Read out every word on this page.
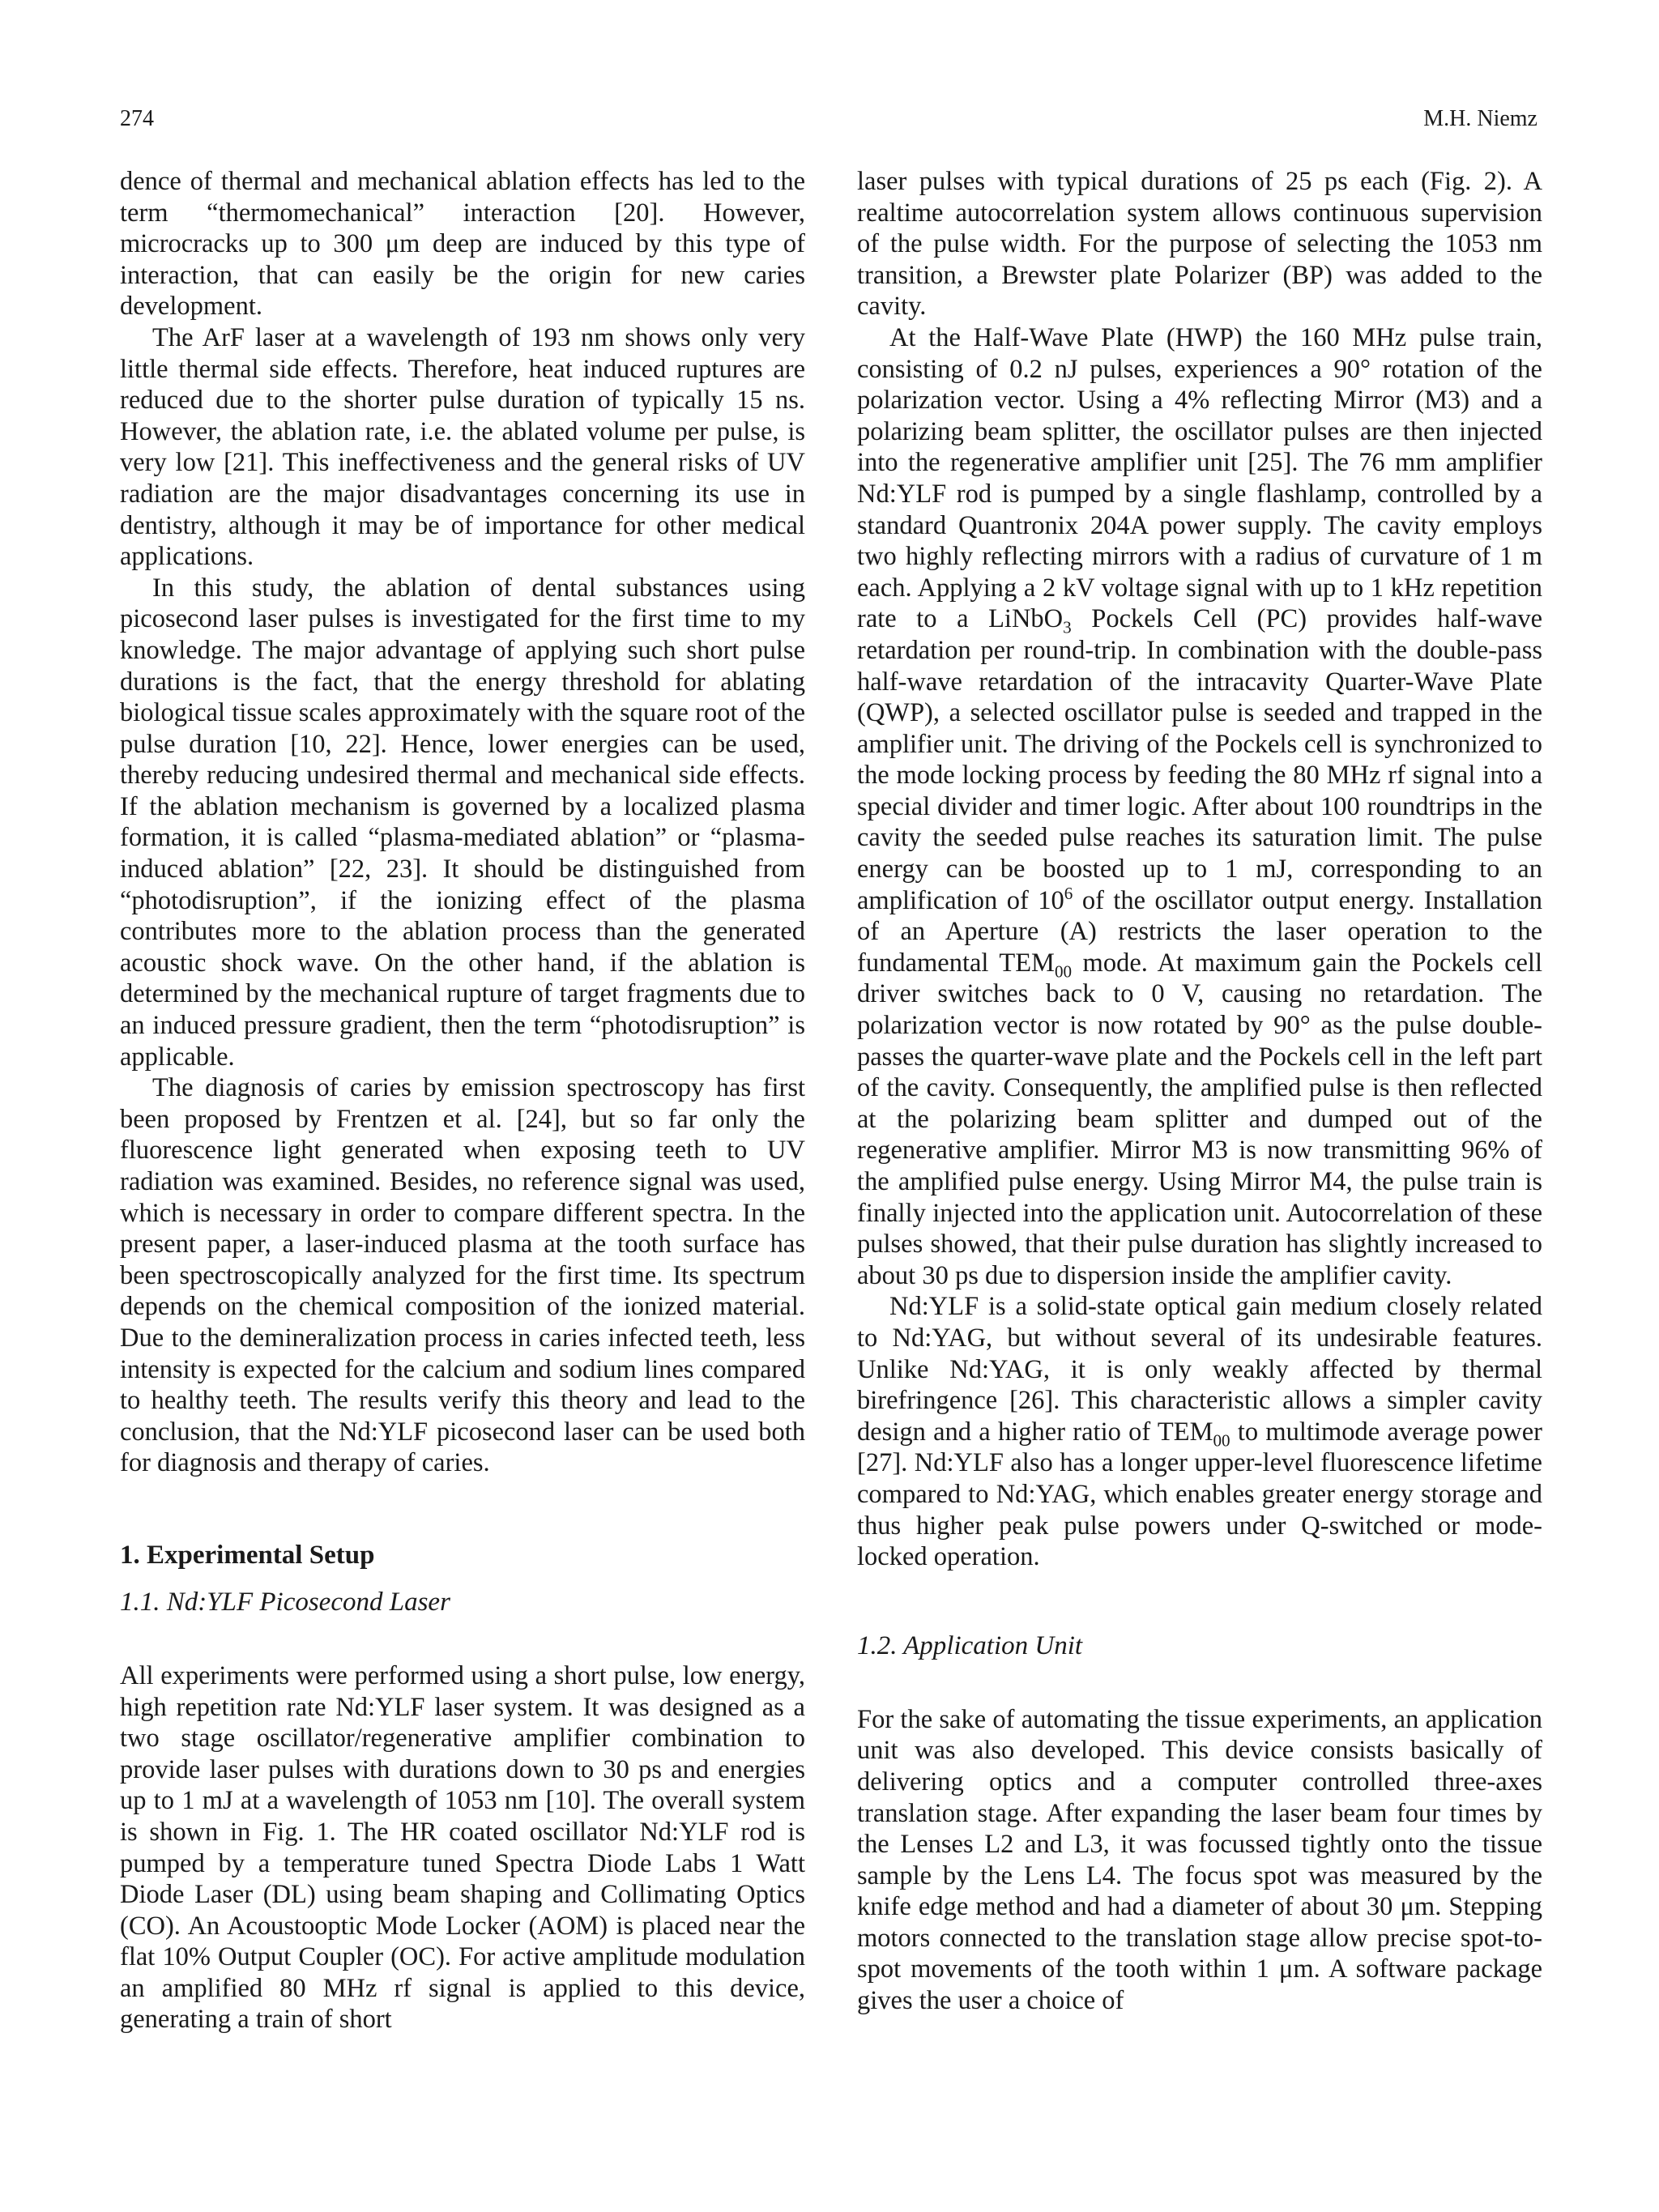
274	M.H. Niemz

dence of thermal and mechanical ablation effects has led to the term “thermomechanical” interaction [20]. However, microcracks up to 300 μm deep are induced by this type of interaction, that can easily be the origin for new caries development.

The ArF laser at a wavelength of 193 nm shows only very little thermal side effects. Therefore, heat induced ruptures are reduced due to the shorter pulse duration of typically 15 ns. However, the ablation rate, i.e. the ablated volume per pulse, is very low [21]. This ineffectiveness and the general risks of UV radiation are the major disadvantages concerning its use in dentistry, although it may be of importance for other medical applications.

In this study, the ablation of dental substances using picosecond laser pulses is investigated for the first time to my knowledge. The major advantage of applying such short pulse durations is the fact, that the energy threshold for ablating biological tissue scales approximately with the square root of the pulse duration [10, 22]. Hence, lower energies can be used, thereby reducing undesired thermal and mechanical side effects. If the ablation mechanism is governed by a localized plasma formation, it is called “plasma-mediated ablation” or “plasma-induced ablation” [22, 23]. It should be distinguished from “photodisruption”, if the ionizing effect of the plasma contributes more to the ablation process than the generated acoustic shock wave. On the other hand, if the ablation is determined by the mechanical rupture of target fragments due to an induced pressure gradient, then the term “photodisruption” is applicable.

The diagnosis of caries by emission spectroscopy has first been proposed by Frentzen et al. [24], but so far only the fluorescence light generated when exposing teeth to UV radiation was examined. Besides, no reference signal was used, which is necessary in order to compare different spectra. In the present paper, a laser-induced plasma at the tooth surface has been spectroscopically analyzed for the first time. Its spectrum depends on the chemical composition of the ionized material. Due to the demineralization process in caries infected teeth, less intensity is expected for the calcium and sodium lines compared to healthy teeth. The results verify this theory and lead to the conclusion, that the Nd:YLF picosecond laser can be used both for diagnosis and therapy of caries.

1. Experimental Setup
1.1. Nd:YLF Picosecond Laser

All experiments were performed using a short pulse, low energy, high repetition rate Nd:YLF laser system. It was designed as a two stage oscillator/regenerative amplifier combination to provide laser pulses with durations down to 30 ps and energies up to 1 mJ at a wavelength of 1053 nm [10]. The overall system is shown in Fig. 1. The HR coated oscillator Nd:YLF rod is pumped by a temperature tuned Spectra Diode Labs 1 Watt Diode Laser (DL) using beam shaping and Collimating Optics (CO). An Acoustooptic Mode Locker (AOM) is placed near the flat 10% Output Coupler (OC). For active amplitude modulation an amplified 80 MHz rf signal is applied to this device, generating a train of short

laser pulses with typical durations of 25 ps each (Fig. 2). A realtime autocorrelation system allows continuous supervision of the pulse width. For the purpose of selecting the 1053 nm transition, a Brewster plate Polarizer (BP) was added to the cavity.

At the Half-Wave Plate (HWP) the 160 MHz pulse train, consisting of 0.2 nJ pulses, experiences a 90° rotation of the polarization vector. Using a 4% reflecting Mirror (M3) and a polarizing beam splitter, the oscillator pulses are then injected into the regenerative amplifier unit [25]. The 76 mm amplifier Nd:YLF rod is pumped by a single flashlamp, controlled by a standard Quantronix 204A power supply. The cavity employs two highly reflecting mirrors with a radius of curvature of 1 m each. Applying a 2 kV voltage signal with up to 1 kHz repetition rate to a LiNbO$_3$ Pockels Cell (PC) provides half-wave retardation per round-trip. In combination with the double-pass half-wave retardation of the intracavity Quarter-Wave Plate (QWP), a selected oscillator pulse is seeded and trapped in the amplifier unit. The driving of the Pockels cell is synchronized to the mode locking process by feeding the 80 MHz rf signal into a special divider and timer logic. After about 100 roundtrips in the cavity the seeded pulse reaches its saturation limit. The pulse energy can be boosted up to 1 mJ, corresponding to an amplification of $10^6$ of the oscillator output energy. Installation of an Aperture (A) restricts the laser operation to the fundamental $TEM_{00}$ mode. At maximum gain the Pockels cell driver switches back to 0 V, causing no retardation. The polarization vector is now rotated by 90° as the pulse double-passes the quarter-wave plate and the Pockels cell in the left part of the cavity. Consequently, the amplified pulse is then reflected at the polarizing beam splitter and dumped out of the regenerative amplifier. Mirror M3 is now transmitting 96% of the amplified pulse energy. Using Mirror M4, the pulse train is finally injected into the application unit. Autocorrelation of these pulses showed, that their pulse duration has slightly increased to about 30 ps due to dispersion inside the amplifier cavity.

Nd:YLF is a solid-state optical gain medium closely related to Nd:YAG, but without several of its undesirable features. Unlike Nd:YAG, it is only weakly affected by thermal birefringence [26]. This characteristic allows a simpler cavity design and a higher ratio of $TEM_{00}$ to multimode average power [27]. Nd:YLF also has a longer upper-level fluorescence lifetime compared to Nd:YAG, which enables greater energy storage and thus higher peak pulse powers under Q-switched or mode-locked operation.

1.2. Application Unit

For the sake of automating the tissue experiments, an application unit was also developed. This device consists basically of delivering optics and a computer controlled three-axes translation stage. After expanding the laser beam four times by the Lenses L2 and L3, it was focussed tightly onto the tissue sample by the Lens L4. The focus spot was measured by the knife edge method and had a diameter of about 30 μm. Stepping motors connected to the translation stage allow precise spot-to-spot movements of the tooth within 1 μm. A software package gives the user a choice of
